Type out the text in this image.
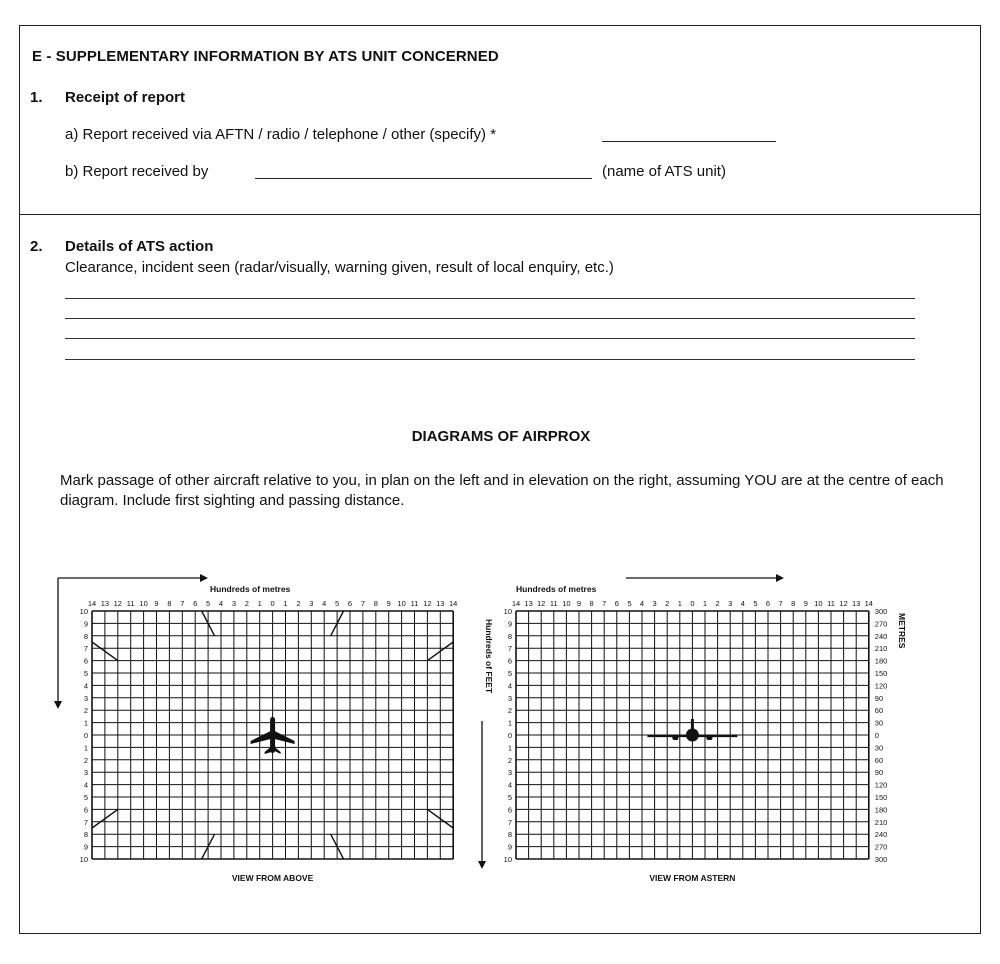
E - SUPPLEMENTARY INFORMATION BY ATS UNIT CONCERNED
1. Receipt of report
a) Report received via AFTN / radio / telephone / other (specify) *
b) Report received by	(name of ATS unit)
2. Details of ATS action
Clearance, incident seen (radar/visually, warning given, result of local enquiry, etc.)
DIAGRAMS OF AIRPROX
Mark passage of other aircraft relative to you, in plan on the left and in elevation on the right, assuming YOU are at the centre of each diagram. Include first sighting and passing distance.
14 13 12 11 10 9 8 7 6 5 4 3 2 1 0 1 2 3 4 5 6 7 8 9 10 11 12 13 14
10
9
8
7
6
5
4
3
2
1
0
1
2
3
4
5
6
7
8
9
10
Hundreds of metres
VIEW FROM ABOVE
14 13 12 11 10 9 8 7 6 5 4 3 2 1 0 1 2 3 4 5 6 7 8 9 10 11 12 13 14
10
9
8
7
6
5
4
3
2
1
0
1
2
3
4
5
6
7
8
9
10
Hundreds of metres
VIEW FROM ASTERN
Hundreds of FEET
300
270
240
210
180
150
120
90
60
30
0
30
60
90
120
150
180
210
240
270
300
METRES
